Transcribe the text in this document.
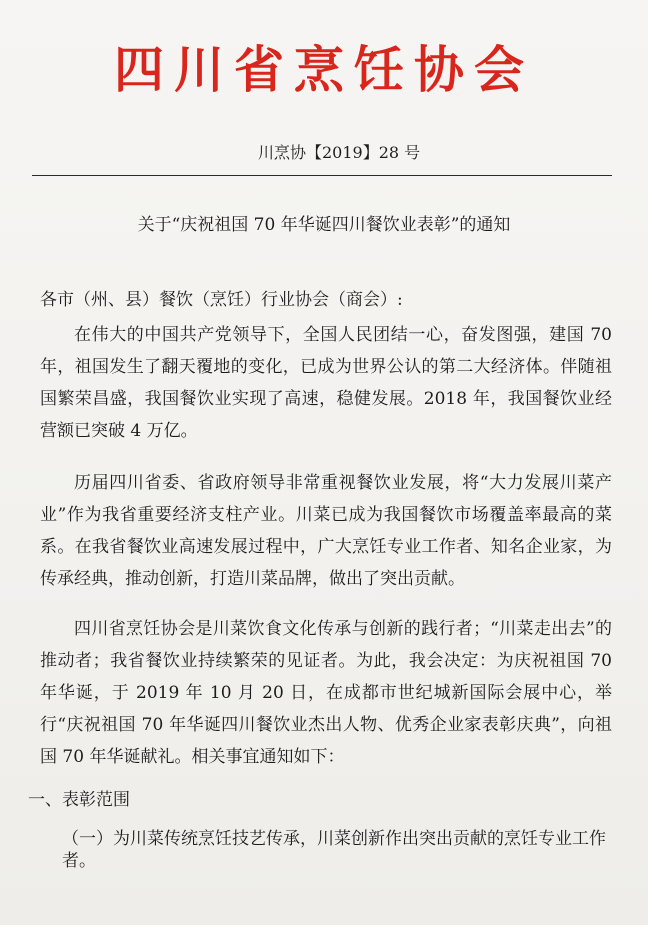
四川省烹饪协会
川烹协【2019】28 号
关于“庆祝祖国 70 年华诞四川餐饮业表彰”的通知
各市（州、县）餐饮（烹饪）行业协会（商会）:
在伟大的中国共产党领导下，全国人民团结一心，奋发图强，建国 70 年，祖国发生了翻天覆地的变化，已成为世界公认的第二大经济体。伴随祖国繁荣昌盛，我国餐饮业实现了高速，稳健发展。2018 年，我国餐饮业经营额已突破 4 万亿。
历届四川省委、省政府领导非常重视餐饮业发展，将“大力发展川菜产业”作为我省重要经济支柱产业。川菜已成为我国餐饮市场覆盖率最高的菜系。在我省餐饮业高速发展过程中，广大烹饪专业工作者、知名企业家，为传承经典，推动创新，打造川菜品牌，做出了突出贡献。
四川省烹饪协会是川菜饮食文化传承与创新的践行者；“川菜走出去”的推动者；我省餐饮业持续繁荣的见证者。为此，我会决定：为庆祝祖国 70 年华诞，于 2019 年 10 月 20 日，在成都市世纪城新国际会展中心，举行“庆祝祖国 70 年华诞四川餐饮业杰出人物、优秀企业家表彰庆典”，向祖国 70 年华诞献礼。相关事宜通知如下：
一、表彰范围
（一）为川菜传统烹饪技艺传承，川菜创新作出突出贡献的烹饪专业工作者。
